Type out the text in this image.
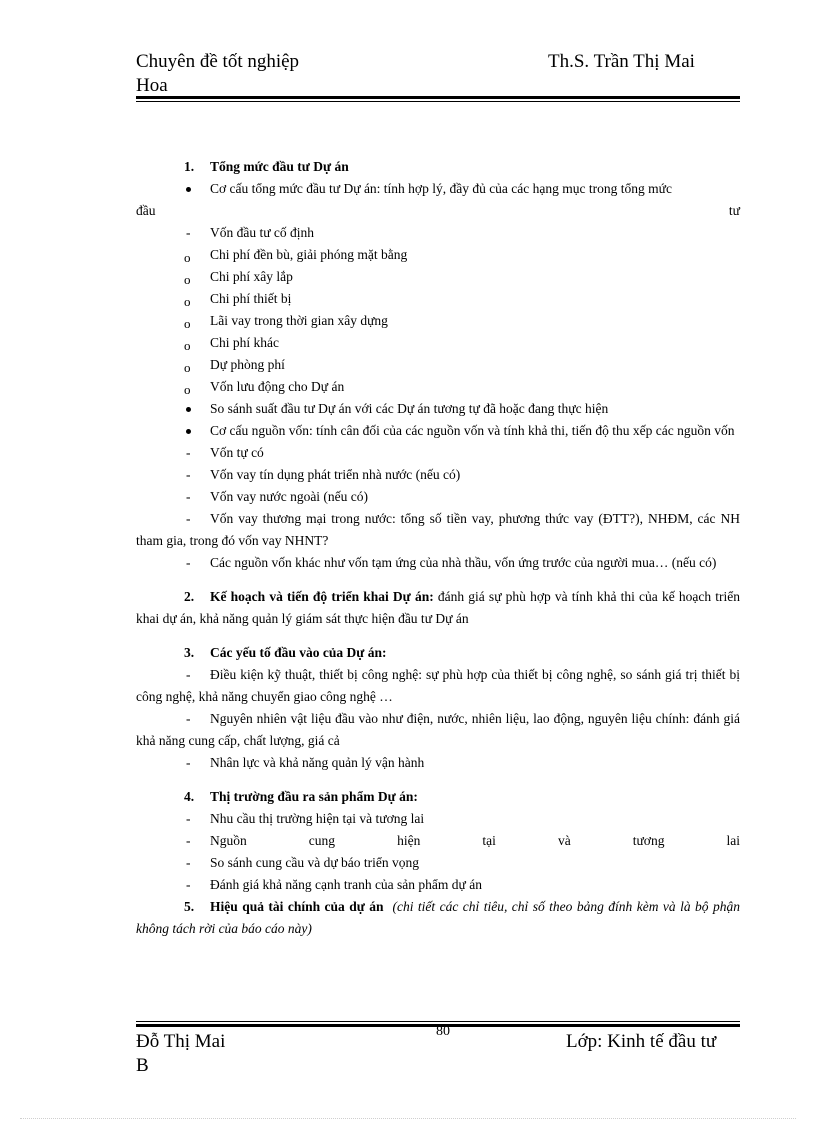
Chuyên đề tốt nghiệp
Hoa
Th.S. Trần Thị Mai
1.	Tổng mức đầu tư Dự án
Cơ cấu tổng mức đầu tư Dự án: tính hợp lý, đầy đủ của các hạng mục trong tổng mức
đầu	tư
-	Vốn đầu tư cố định
o	Chi phí đền bù, giải phóng mặt bằng
o	Chi phí xây lắp
o	Chi phí thiết bị
o	Lãi vay trong thời gian xây dựng
o	Chi phí khác
o	Dự phòng phí
o	Vốn lưu động cho Dự án
So sánh suất đầu tư Dự án với các Dự án tương tự đã hoặc đang thực hiện
Cơ cấu nguồn vốn: tính cân đối của các nguồn vốn và tính khả thi, tiến độ thu xếp các nguồn vốn
-	Vốn tự có
-	Vốn vay tín dụng phát triển nhà nước (nếu có)
-	Vốn vay nước ngoài (nếu có)
-	Vốn vay thương mại trong nước: tổng số tiền vay, phương thức vay (ĐTT?), NHĐM, các NH tham gia, trong đó vốn vay NHNT?
-	Các nguồn vốn khác như vốn tạm ứng của nhà thầu, vốn ứng trước của người mua… (nếu có)
2.	Kế hoạch và tiến độ triển khai Dự án: đánh giá sự phù hợp và tính khả thi của kế hoạch triển khai dự án, khả năng quản lý giám sát thực hiện đầu tư Dự án
3.	Các yếu tố đầu vào của Dự án:
-	Điều kiện kỹ thuật, thiết bị công nghệ: sự phù hợp của thiết bị công nghệ, so sánh giá trị thiết bị công nghệ, khả năng chuyển giao công nghệ …
-	Nguyên nhiên vật liệu đầu vào như điện, nước, nhiên liệu, lao động, nguyên liệu chính: đánh giá khả năng cung cấp, chất lượng, giá cả
-	Nhân lực và khả năng quản lý vận hành
4.	Thị trường đầu ra sản phẩm Dự án:
-	Nhu cầu thị trường hiện tại và tương lai
- Nguồn	cung	hiện	tại	và	tương	lai
-	So sánh cung cầu và dự báo triển vọng
-	Đánh giá khả năng cạnh tranh của sản phẩm dự án
5.	Hiệu quả tài chính của dự án (chi tiết các chỉ tiêu, chỉ số theo bảng đính kèm và là bộ phận không tách rời của báo cáo này)
80
Đỗ Thị Mai
B
Lớp: Kinh tế đầu tư
